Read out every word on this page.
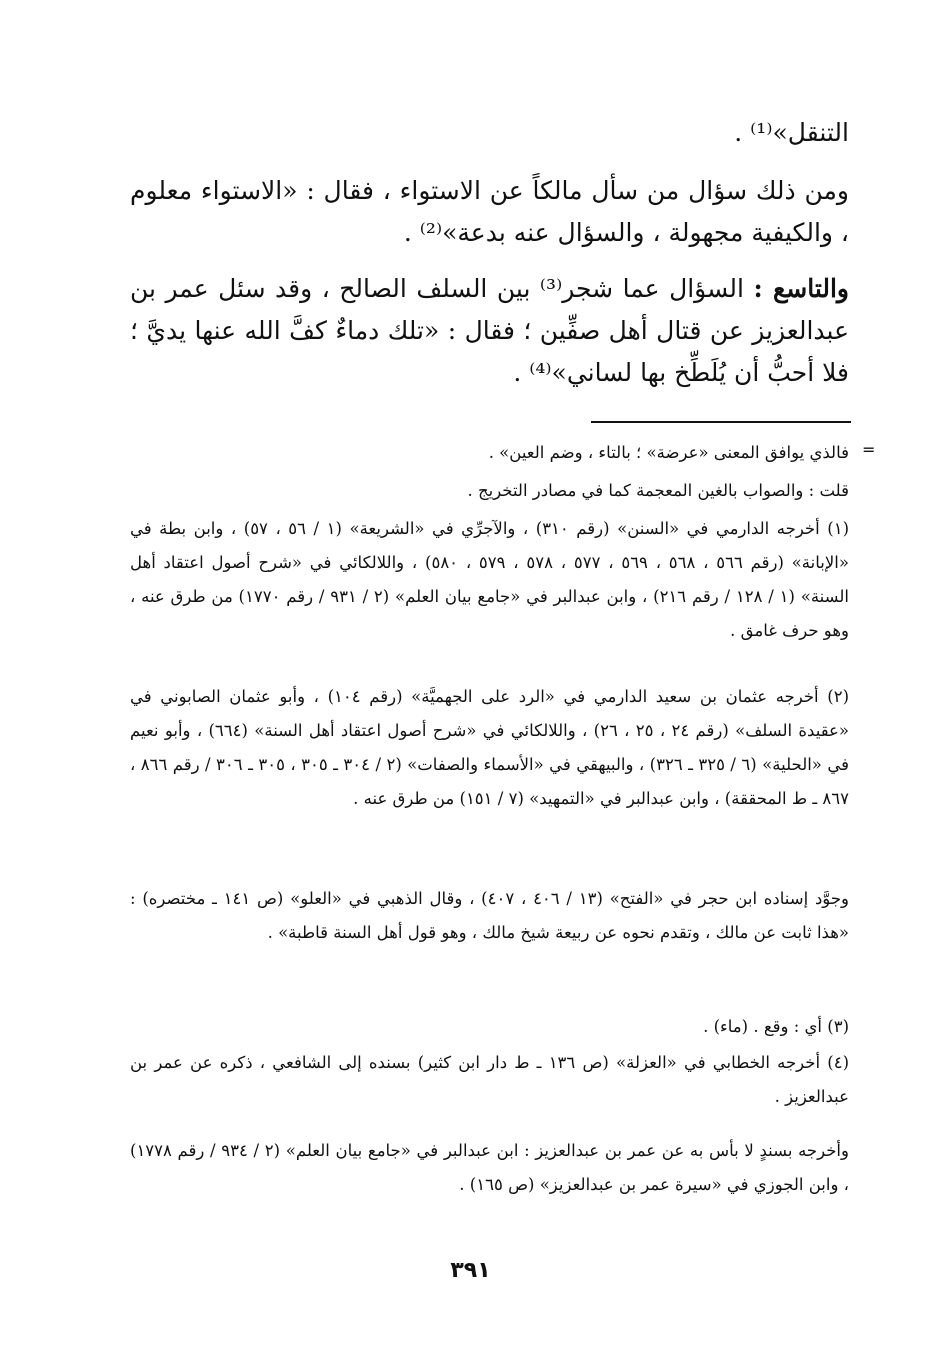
التنقل»⁽¹⁾ .

ومن ذلك سؤال من سأل مالكاً عن الاستواء ، فقال : «الاستواء معلوم ، والكيفية مجهولة ، والسؤال عنه بدعة»⁽²⁾ .

والتاسع : السؤال عما شجر⁽³⁾ بين السلف الصالح ، وقد سئل عمر بن عبدالعزيز عن قتال أهل صفِّين ؛ فقال : «تلك دماءٌ كفَّ الله عنها يديَّ ؛ فلا أحبُّ أن يُلَطِّخ بها لساني»⁽⁴⁾ .

=

فالذي يوافق المعنى «عرضة» ؛ بالتاء ، وضم العين» .

قلت : والصواب بالغين المعجمة كما في مصادر التخريج .

(١) أخرجه الدارمي في «السنن» (رقم ٣١٠) ، والآجرِّي في «الشريعة» (١ / ٥٦ ، ٥٧) ، وابن بطة في «الإبانة» (رقم ٥٦٦ ، ٥٦٨ ، ٥٦٩ ، ٥٧٧ ، ٥٧٨ ، ٥٧٩ ، ٥٨٠) ، واللالكائي في «شرح أصول اعتقاد أهل السنة» (١ / ١٢٨ / رقم ٢١٦) ، وابن عبدالبر في «جامع بيان العلم» (٢ / ٩٣١ / رقم ١٧٧٠) من طرق عنه ، وهو حرف غامق .

(٢) أخرجه عثمان بن سعيد الدارمي في «الرد على الجهميَّة» (رقم ١٠٤) ، وأبو عثمان الصابوني في «عقيدة السلف» (رقم ٢٤ ، ٢٥ ، ٢٦) ، واللالكائي في «شرح أصول اعتقاد أهل السنة» (٦٦٤) ، وأبو نعيم في «الحلية» (٦ / ٣٢٥ ـ ٣٢٦) ، والبيهقي في «الأسماء والصفات» (٢ / ٣٠٤ ـ ٣٠٥ ، ٣٠٥ ـ ٣٠٦ / رقم ٨٦٦ ، ٨٦٧ ـ ط المحققة) ، وابن عبدالبر في «التمهيد» (٧ / ١٥١) من طرق عنه .

وجوَّد إسناده ابن حجر في «الفتح» (١٣ / ٤٠٦ ، ٤٠٧) ، وقال الذهبي في «العلو» (ص ١٤١ ـ مختصره) : «هذا ثابت عن مالك ، وتقدم نحوه عن ربيعة شيخ مالك ، وهو قول أهل السنة قاطبة» .

(٣) أي : وقع . (ماء) .

(٤) أخرجه الخطابي في «العزلة» (ص ١٣٦ ـ ط دار ابن كثير) بسنده إلى الشافعي ، ذكره عن عمر بن عبدالعزيز .

وأخرجه بسندٍ لا بأس به عن عمر بن عبدالعزيز : ابن عبدالبر في «جامع بيان العلم» (٢ / ٩٣٤ / رقم ١٧٧٨) ، وابن الجوزي في «سيرة عمر بن عبدالعزيز» (ص ١٦٥) .

٣٩١
